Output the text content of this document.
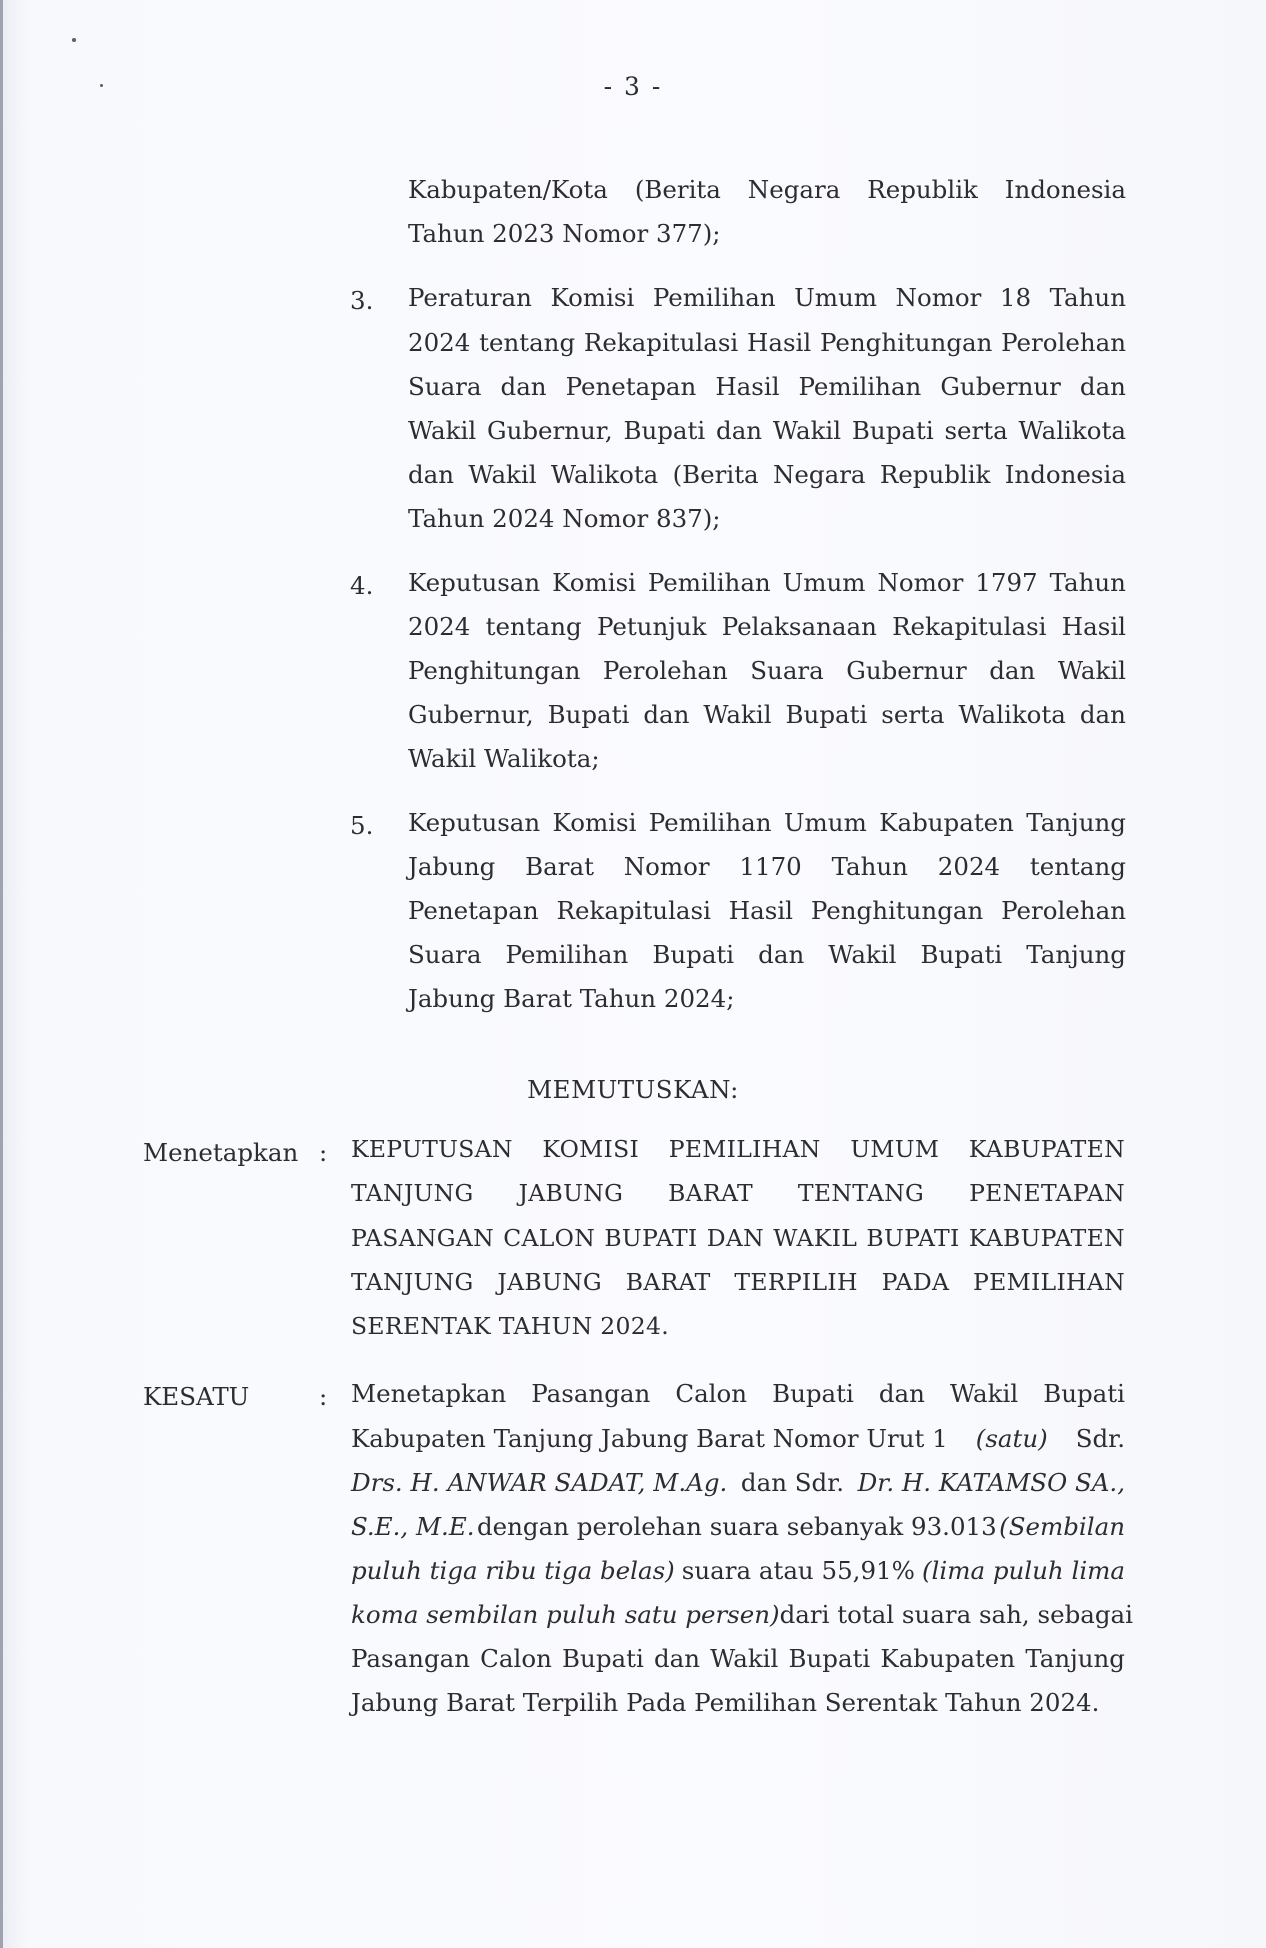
- 3 -
Kabupaten/Kota (Berita Negara Republik Indonesia
Tahun 2023 Nomor 377);
3. Peraturan Komisi Pemilihan Umum Nomor 18 Tahun
2024 tentang Rekapitulasi Hasil Penghitungan Perolehan
Suara dan Penetapan Hasil Pemilihan Gubernur dan
Wakil Gubernur, Bupati dan Wakil Bupati serta Walikota
dan Wakil Walikota (Berita Negara Republik Indonesia
Tahun 2024 Nomor 837);
4. Keputusan Komisi Pemilihan Umum Nomor 1797 Tahun
2024 tentang Petunjuk Pelaksanaan Rekapitulasi Hasil
Penghitungan Perolehan Suara Gubernur dan Wakil
Gubernur, Bupati dan Wakil Bupati serta Walikota dan
Wakil Walikota;
5. Keputusan Komisi Pemilihan Umum Kabupaten Tanjung
Jabung Barat Nomor 1170 Tahun 2024 tentang
Penetapan Rekapitulasi Hasil Penghitungan Perolehan
Suara Pemilihan Bupati dan Wakil Bupati Tanjung
Jabung Barat Tahun 2024;
MEMUTUSKAN:
Menetapkan : KEPUTUSAN KOMISI PEMILIHAN UMUM KABUPATEN
TANJUNG JABUNG BARAT TENTANG PENETAPAN
PASANGAN CALON BUPATI DAN WAKIL BUPATI KABUPATEN
TANJUNG JABUNG BARAT TERPILIH PADA PEMILIHAN
SERENTAK TAHUN 2024.
KESATU	: Menetapkan Pasangan Calon Bupati dan Wakil Bupati
Kabupaten Tanjung Jabung Barat Nomor Urut 1 (satu) Sdr.
Drs. H. ANWAR SADAT, M.Ag. dan Sdr. Dr. H. KATAMSO SA.,
S.E., M.E. dengan perolehan suara sebanyak 93.013 (Sembilan
puluh tiga ribu tiga belas) suara atau 55,91% (lima puluh lima
koma sembilan puluh satu persen) dari total suara sah, sebagai
Pasangan Calon Bupati dan Wakil Bupati Kabupaten Tanjung
Jabung Barat Terpilih Pada Pemilihan Serentak Tahun 2024.
